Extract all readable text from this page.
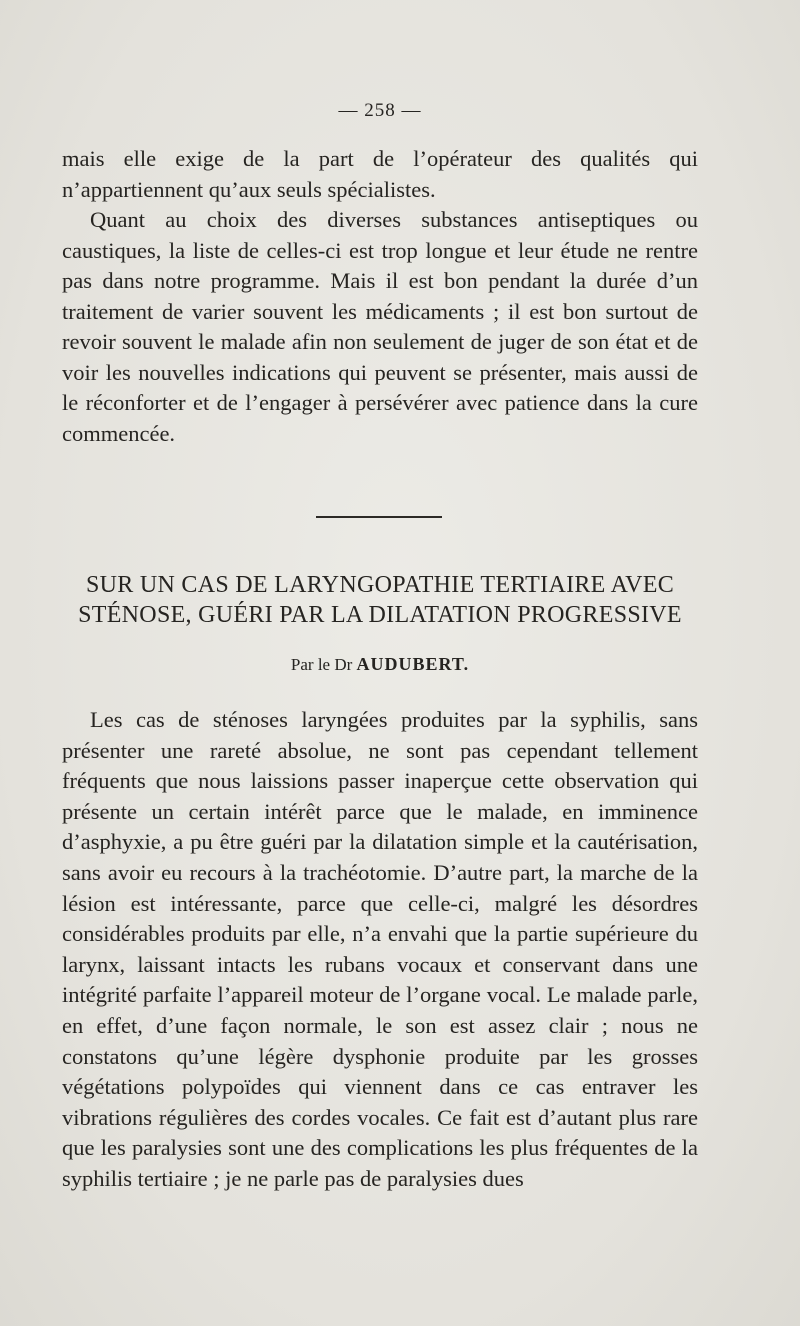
— 258 —

mais elle exige de la part de l’opérateur des qualités qui n’appartiennent qu’aux seuls spécialistes.

Quant au choix des diverses substances antiseptiques ou caustiques, la liste de celles-ci est trop longue et leur étude ne rentre pas dans notre programme. Mais il est bon pendant la durée d’un traitement de varier souvent les médicaments ; il est bon surtout de revoir souvent le malade afin non seulement de juger de son état et de voir les nouvelles indications qui peuvent se présenter, mais aussi de le réconforter et de l’engager à persévérer avec patience dans la cure commencée.

SUR UN CAS DE LARYNGOPATHIE TERTIAIRE AVEC
STÉNOSE, GUÉRI PAR LA DILATATION PROGRESSIVE
Par le Dr AUDUBERT.

Les cas de sténoses laryngées produites par la syphilis, sans présenter une rareté absolue, ne sont pas cependant tellement fréquents que nous laissions passer inaperçue cette observation qui présente un certain intérêt parce que le malade, en imminence d’asphyxie, a pu être guéri par la dilatation simple et la cautérisation, sans avoir eu recours à la trachéotomie. D’autre part, la marche de la lésion est intéressante, parce que celle-ci, malgré les désordres considérables produits par elle, n’a envahi que la partie supérieure du larynx, laissant intacts les rubans vocaux et conservant dans une intégrité parfaite l’appareil moteur de l’organe vocal. Le malade parle, en effet, d’une façon normale, le son est assez clair ; nous ne constatons qu’une légère dysphonie produite par les grosses végétations polypoïdes qui viennent dans ce cas entraver les vibrations régulières des cordes vocales. Ce fait est d’autant plus rare que les paralysies sont une des complications les plus fréquentes de la syphilis tertiaire ; je ne parle pas de paralysies dues
